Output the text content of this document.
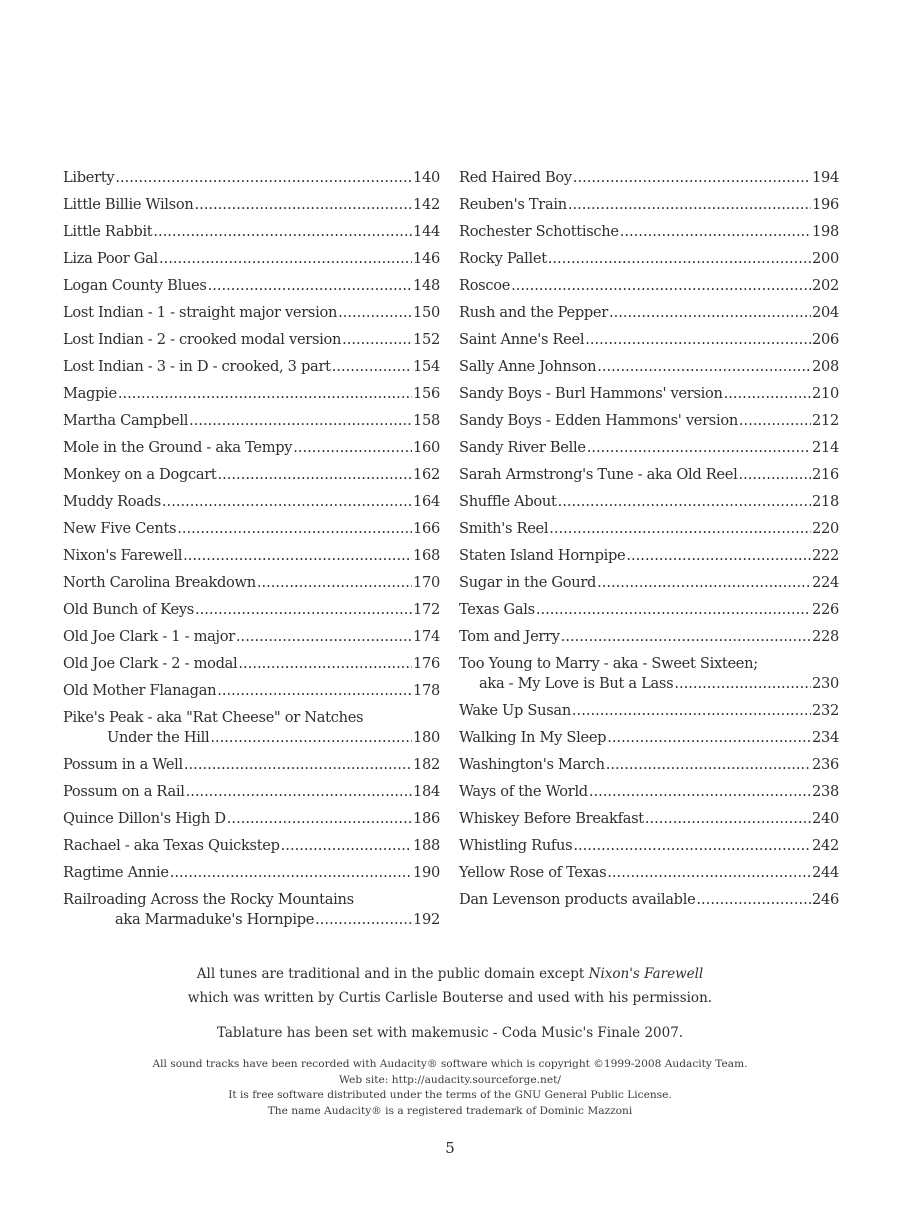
Liberty .....	140
Little Billie Wilson .....	142
Little Rabbit .....	144
Liza Poor Gal .....	146
Logan County Blues .....	148
Lost Indian - 1 - straight major version .....	150
Lost Indian - 2 - crooked modal version .....	152
Lost Indian - 3 - in D - crooked, 3 part .....	154
Magpie .....	156
Martha Campbell .....	158
Mole in the Ground - aka Tempy .....	160
Monkey on a Dogcart .....	162
Muddy Roads .....	164
New Five Cents .....	166
Nixon's Farewell .....	168
North Carolina Breakdown .....	170
Old Bunch of Keys .....	172
Old Joe Clark - 1 - major .....	174
Old Joe Clark - 2 - modal .....	176
Old Mother Flanagan .....	178
Pike's Peak - aka "Rat Cheese" or Natches
Under the Hill .....	180
Possum in a Well .....	182
Possum on a Rail .....	184
Quince Dillon's High D .....	186
Rachael - aka Texas Quickstep .....	188
Ragtime Annie .....	190
Railroading Across the Rocky Mountains
aka Marmaduke's Hornpipe .....	192
Red Haired Boy .....	194
Reuben's Train .....	196
Rochester Schottische .....	198
Rocky Pallet .....	200
Roscoe .....	202
Rush and the Pepper .....	204
Saint Anne's Reel .....	206
Sally Anne Johnson .....	208
Sandy Boys - Burl Hammons' version .....	210
Sandy Boys - Edden Hammons' version .....	212
Sandy River Belle .....	214
Sarah Armstrong's Tune - aka Old Reel .....	216
Shuffle About .....	218
Smith's Reel .....	220
Staten Island Hornpipe .....	222
Sugar in the Gourd .....	224
Texas Gals .....	226
Tom and Jerry .....	228
Too Young to Marry - aka - Sweet Sixteen;
aka - My Love is But a Lass .....	230
Wake Up Susan .....	232
Walking In My Sleep .....	234
Washington's March .....	236
Ways of the World .....	238
Whiskey Before Breakfast .....	240
Whistling Rufus .....	242
Yellow Rose of Texas .....	244
Dan Levenson products available .....	246
All tunes are traditional and in the public domain except Nixon's Farewell
which was written by Curtis Carlisle Bouterse and used with his permission.
Tablature has been set with makemusic - Coda Music's Finale 2007.
All sound tracks have been recorded with Audacity® software which is copyright ©1999-2008 Audacity Team.
Web site: http://audacity.sourceforge.net/
It is free software distributed under the terms of the GNU General Public License.
The name Audacity® is a registered trademark of Dominic Mazzoni
5
